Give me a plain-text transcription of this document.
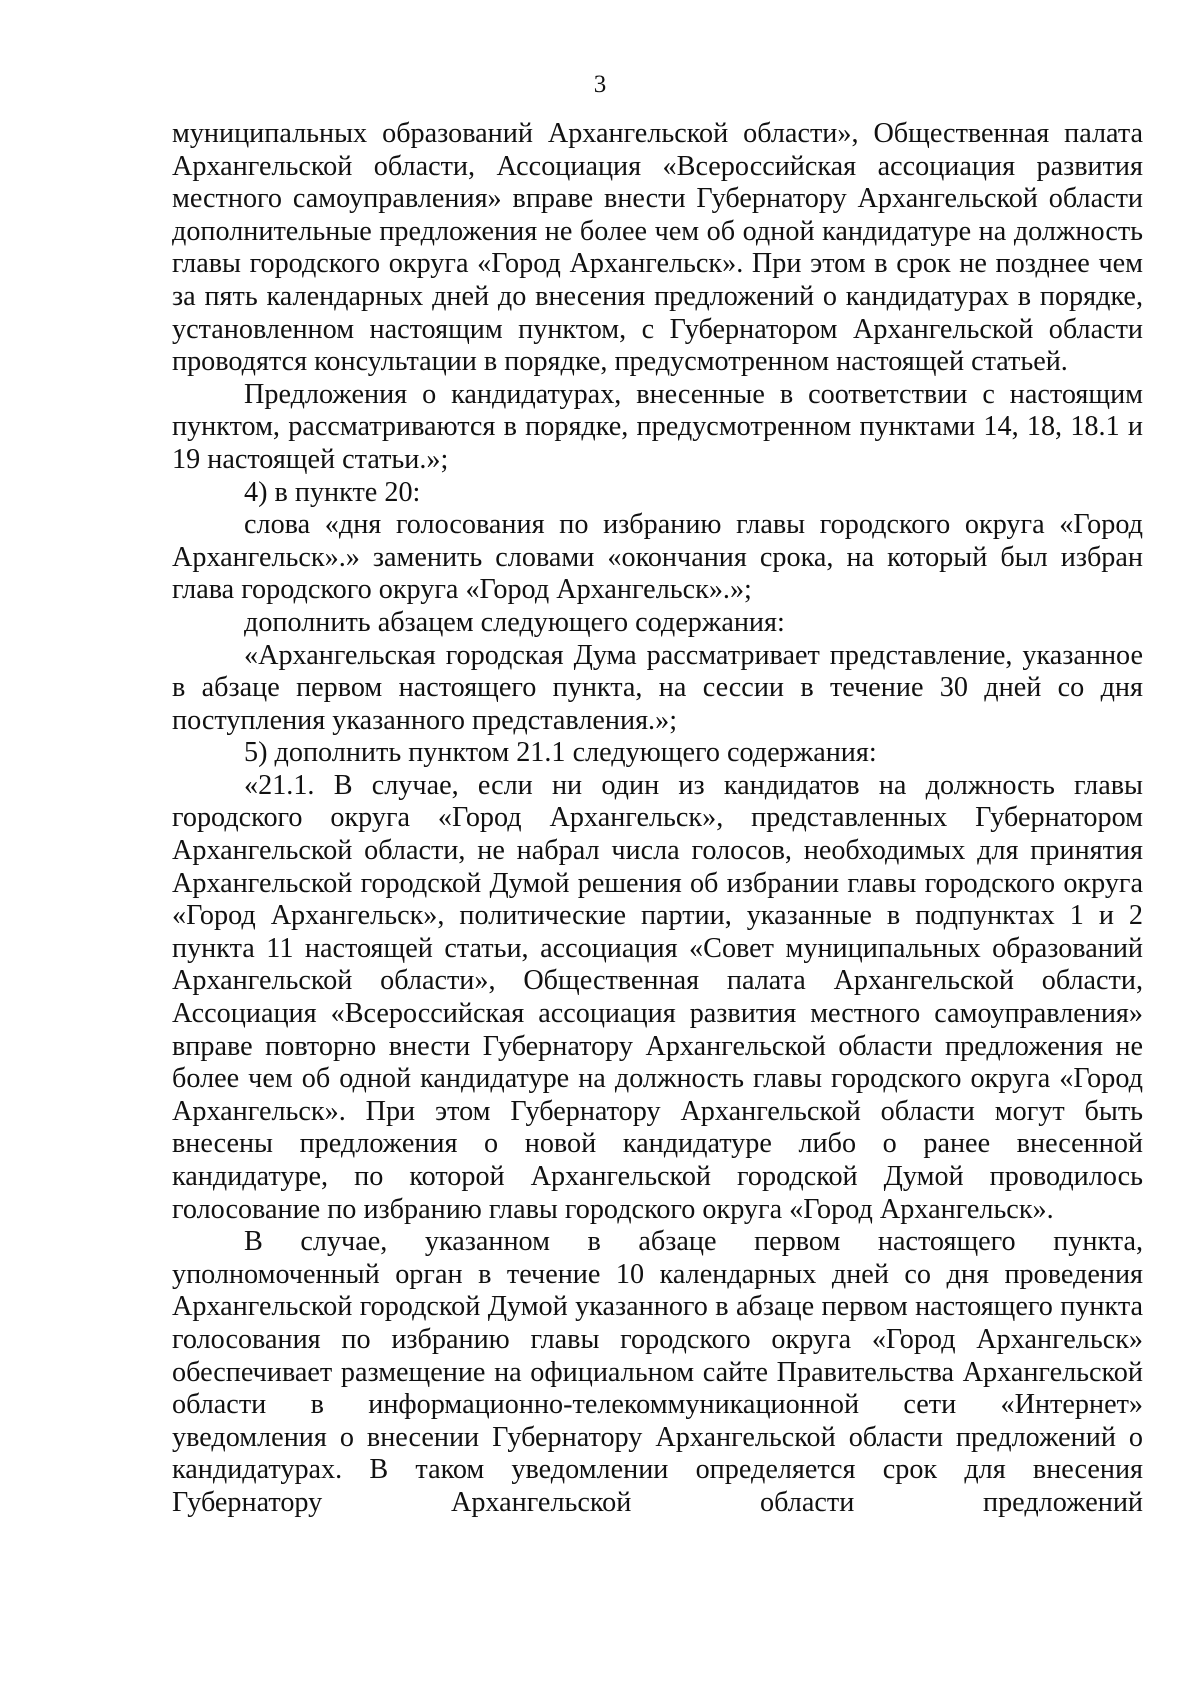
3

муниципальных образований Архангельской области», Общественная палата Архангельской области, Ассоциация «Всероссийская ассоциация развития местного самоуправления» вправе внести Губернатору Архангельской области дополнительные предложения не более чем об одной кандидатуре на должность главы городского округа «Город Архангельск». При этом в срок не позднее чем за пять календарных дней до внесения предложений о кандидатурах в порядке, установленном настоящим пунктом, с Губернатором Архангельской области проводятся консультации в порядке, предусмотренном настоящей статьей.

Предложения о кандидатурах, внесенные в соответствии с настоящим пунктом, рассматриваются в порядке, предусмотренном пунктами 14, 18, 18.1 и 19 настоящей статьи.»;

4) в пункте 20:

слова «дня голосования по избранию главы городского округа «Город Архангельск».» заменить словами «окончания срока, на который был избран глава городского округа «Город Архангельск».»;

дополнить абзацем следующего содержания:

«Архангельская городская Дума рассматривает представление, указанное в абзаце первом настоящего пункта, на сессии в течение 30 дней со дня поступления указанного представления.»;

5) дополнить пунктом 21.1 следующего содержания:

«21.1. В случае, если ни один из кандидатов на должность главы городского округа «Город Архангельск», представленных Губернатором Архангельской области, не набрал числа голосов, необходимых для принятия Архангельской городской Думой решения об избрании главы городского округа «Город Архангельск», политические партии, указанные в подпунктах 1 и 2 пункта 11 настоящей статьи, ассоциация «Совет муниципальных образований Архангельской области», Общественная палата Архангельской области, Ассоциация «Всероссийская ассоциация развития местного самоуправления» вправе повторно внести Губернатору Архангельской области предложения не более чем об одной кандидатуре на должность главы городского округа «Город Архангельск». При этом Губернатору Архангельской области могут быть внесены предложения о новой кандидатуре либо о ранее внесенной кандидатуре, по которой Архангельской городской Думой проводилось голосование по избранию главы городского округа «Город Архангельск».

В случае, указанном в абзаце первом настоящего пункта, уполномоченный орган в течение 10 календарных дней со дня проведения Архангельской городской Думой указанного в абзаце первом настоящего пункта голосования по избранию главы городского округа «Город Архангельск» обеспечивает размещение на официальном сайте Правительства Архангельской области в информационно-телекоммуникационной сети «Интернет» уведомления о внесении Губернатору Архангельской области предложений о кандидатурах. В таком уведомлении определяется срок для внесения Губернатору Архангельской области предложений
